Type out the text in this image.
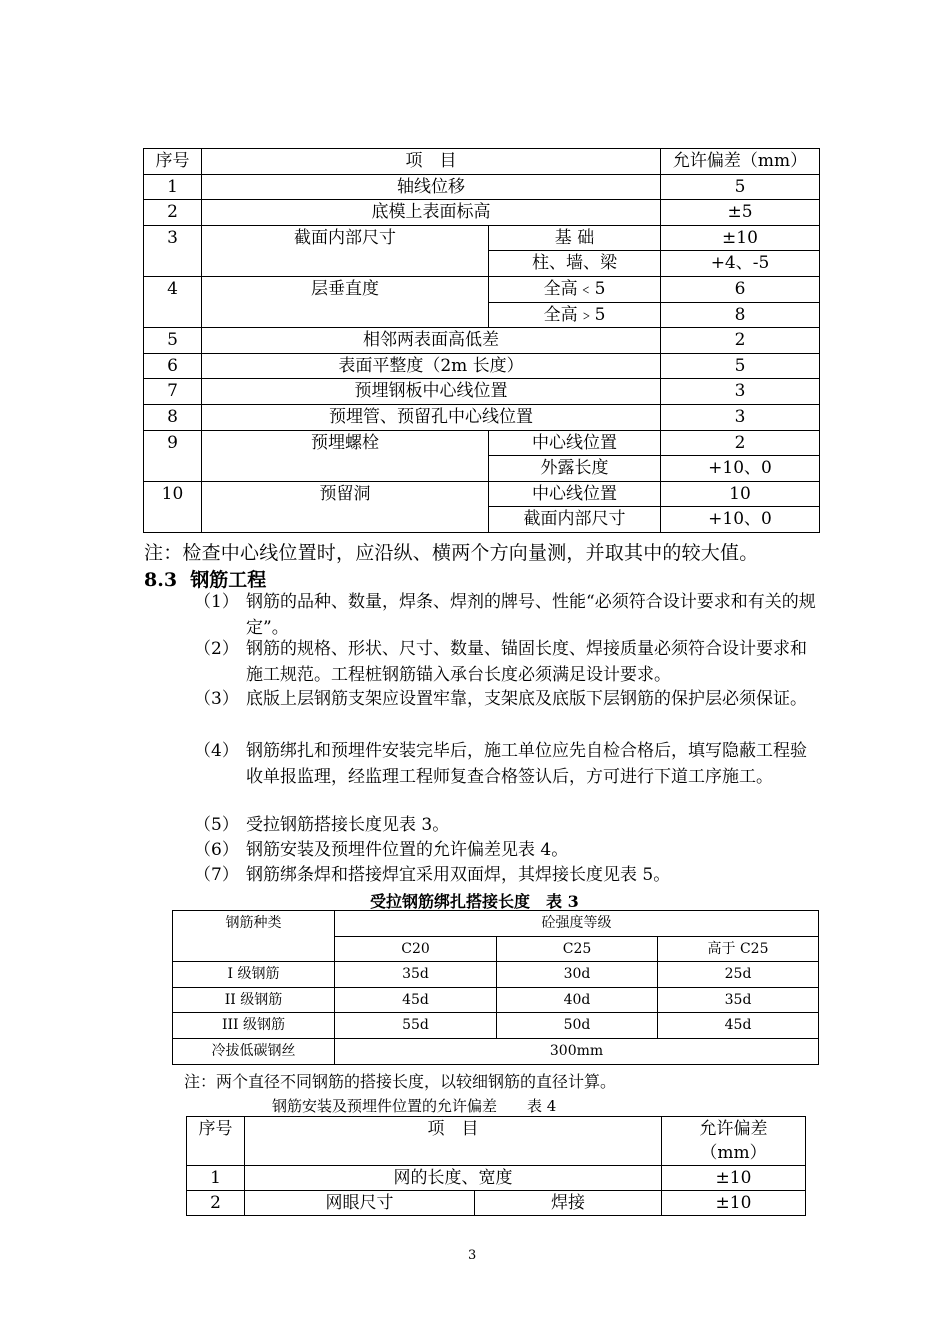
序号	项　目		允许偏差（mm）
1	轴线位移		5
2	底模上表面标高		±5
3	截面内部尺寸	基 础	±10
		柱、墙、梁	+4、-5
4	层垂直度	全高﹤5	6
		全高﹥5	8
5	相邻两表面高低差		2
6	表面平整度（2m 长度）		5
7	预埋钢板中心线位置		3
8	预埋管、预留孔中心线位置		3
9	预埋螺栓	中心线位置	2
		外露长度	+10、0
10	预留洞	中心线位置	10
		截面内部尺寸	+10、0
注：检查中心线位置时，应沿纵、横两个方向量测，并取其中的较大值。
8.3 钢筋工程
（1） 钢筋的品种、数量，焊条、焊剂的牌号、性能“必须符合设计要求和有关的规定”。
（2） 钢筋的规格、形状、尺寸、数量、锚固长度、焊接质量必须符合设计要求和施工规范。工程桩钢筋锚入承台长度必须满足设计要求。
（3） 底版上层钢筋支架应设置牢靠，支架底及底版下层钢筋的保护层必须保证。
（4） 钢筋绑扎和预埋件安装完毕后，施工单位应先自检合格后，填写隐蔽工程验收单报监理，经监理工程师复查合格签认后，方可进行下道工序施工。
（5） 受拉钢筋搭接长度见表 3。
（6） 钢筋安装及预埋件位置的允许偏差见表 4。
（7） 钢筋绑条焊和搭接焊宜采用双面焊，其焊接长度见表 5。
受拉钢筋绑扎搭接长度　表 3
钢筋种类	砼强度等级		
	C20	C25	高于 C25
I 级钢筋	35d	30d	25d
II 级钢筋	45d	40d	35d
III 级钢筋	55d	50d	45d
冷拔低碳钢丝	300mm		
注：两个直径不同钢筋的搭接长度，以较细钢筋的直径计算。
钢筋安装及预埋件位置的允许偏差　　表 4
序号	项　目		允许偏差
（mm）

1	网的长度、宽度		±10
2	网眼尺寸	焊接	±10
3
